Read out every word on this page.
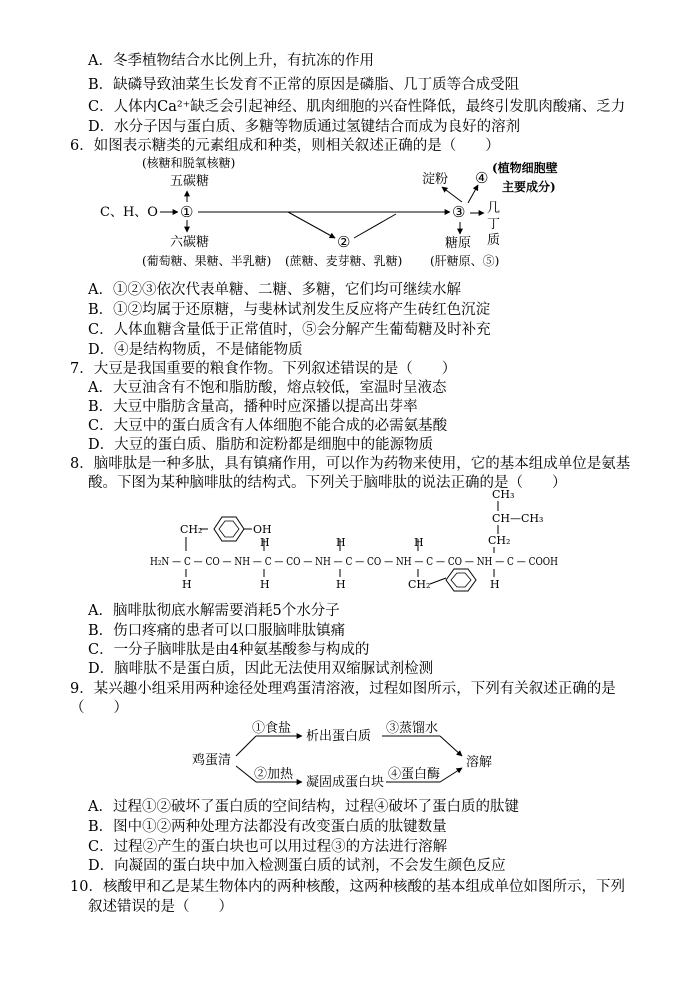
A．冬季植物结合水比例上升，有抗冻的作用
B．缺磷导致油菜生长发育不正常的原因是磷脂、几丁质等合成受阻
C．人体内Ca²⁺缺乏会引起神经、肌肉细胞的兴奋性降低，最终引发肌肉酸痛、乏力
D．水分子因与蛋白质、多糖等物质通过氢键结合而成为良好的溶剂
6．如图表示糖类的元素组成和种类，则相关叙述正确的是（　　）
A．①②③依次代表单糖、二糖、多糖，它们均可继续水解
B．①②均属于还原糖，与斐林试剂发生反应将产生砖红色沉淀
C．人体血糖含量低于正常值时，⑤会分解产生葡萄糖及时补充
D．④是结构物质，不是储能物质
7．大豆是我国重要的粮食作物。下列叙述错误的是（　　）
A．大豆油含有不饱和脂肪酸，熔点较低，室温时呈液态
B．大豆中脂肪含量高，播种时应深播以提高出芽率
C．大豆中的蛋白质含有人体细胞不能合成的必需氨基酸
D．大豆的蛋白质、脂肪和淀粉都是细胞中的能源物质
8．脑啡肽是一种多肽，具有镇痛作用，可以作为药物来使用，它的基本组成单位是氨基
酸。下图为某种脑啡肽的结构式。下列关于脑啡肽的说法正确的是（　　）
A．脑啡肽彻底水解需要消耗5个水分子
B．伤口疼痛的患者可以口服脑啡肽镇痛
C．一分子脑啡肽是由4种氨基酸参与构成的
D．脑啡肽不是蛋白质，因此无法使用双缩脲试剂检测
9．某兴趣小组采用两种途径处理鸡蛋清溶液，过程如图所示，下列有关叙述正确的是
（　　）
A．过程①②破坏了蛋白质的空间结构，过程④破坏了蛋白质的肽键
B．图中①②两种处理方法都没有改变蛋白质的肽键数量
C．过程②产生的蛋白块也可以用过程③的方法进行溶解
D．向凝固的蛋白块中加入检测蛋白质的试剂，不会发生颜色反应
10．核酸甲和乙是某生物体内的两种核酸，这两种核酸的基本组成单位如图所示，下列
叙述错误的是（　　）
(核糖和脱氧核糖)
五碳糖
C、H、O ①
六碳糖
(葡萄糖、果糖、半乳糖)
②
(蔗糖、麦芽糖、乳糖)
③
淀粉 ④
(植物细胞壁
主要成分)
几
丁
质
糖原
(肝糖原、⑤)
CH₂	OH
H	H	H
CH₃
CH—CH₃
CH₂
H₂N — C — CO — NH — C — CO — NH — C — CO — NH — C — CO — NH — C — COOH
H	H	H	CH₂	H
鸡蛋清
①食盐
析出蛋白质
③蒸馏水
溶解
②加热
凝固成蛋白块
④蛋白酶
